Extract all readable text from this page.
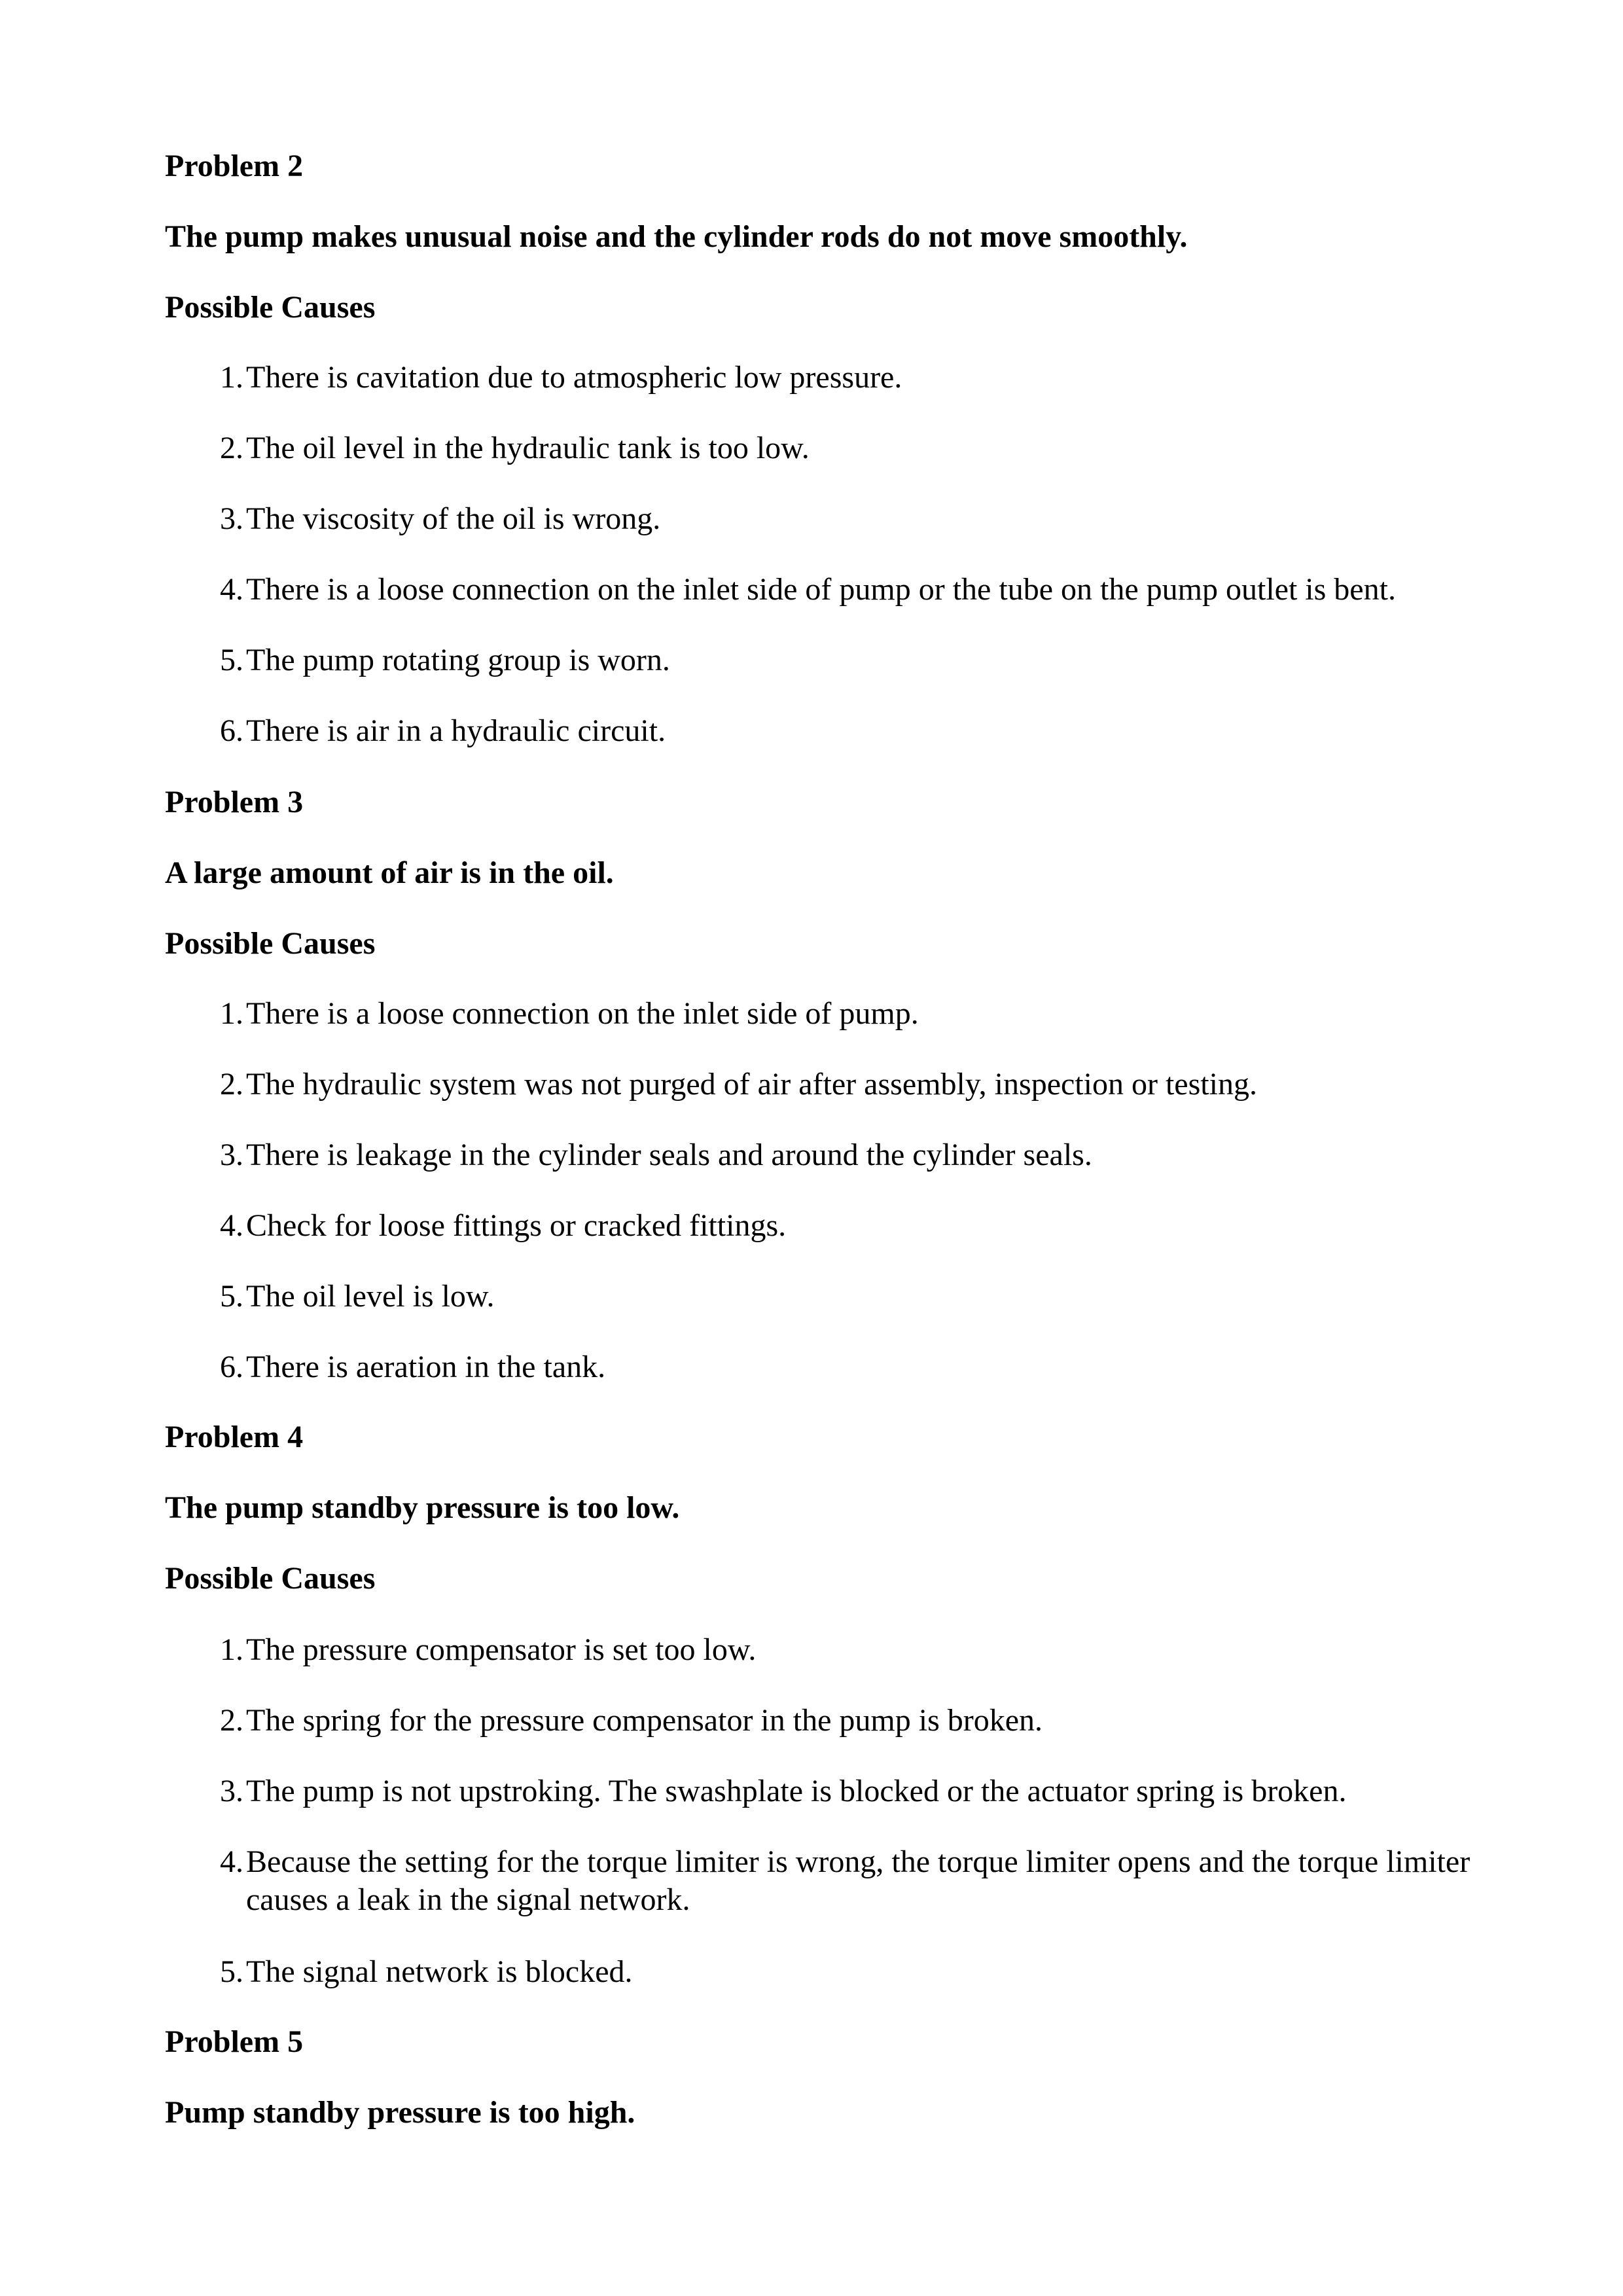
Problem 2
The pump makes unusual noise and the cylinder rods do not move smoothly.
Possible Causes
1. There is cavitation due to atmospheric low pressure.
2. The oil level in the hydraulic tank is too low.
3. The viscosity of the oil is wrong.
4. There is a loose connection on the inlet side of pump or the tube on the pump outlet is bent.
5. The pump rotating group is worn.
6. There is air in a hydraulic circuit.
Problem 3
A large amount of air is in the oil.
Possible Causes
1. There is a loose connection on the inlet side of pump.
2. The hydraulic system was not purged of air after assembly, inspection or testing.
3. There is leakage in the cylinder seals and around the cylinder seals.
4. Check for loose fittings or cracked fittings.
5. The oil level is low.
6. There is aeration in the tank.
Problem 4
The pump standby pressure is too low.
Possible Causes
1. The pressure compensator is set too low.
2. The spring for the pressure compensator in the pump is broken.
3. The pump is not upstroking. The swashplate is blocked or the actuator spring is broken.
4. Because the setting for the torque limiter is wrong, the torque limiter opens and the torque limiter causes a leak in the signal network.
5. The signal network is blocked.
Problem 5
Pump standby pressure is too high.
